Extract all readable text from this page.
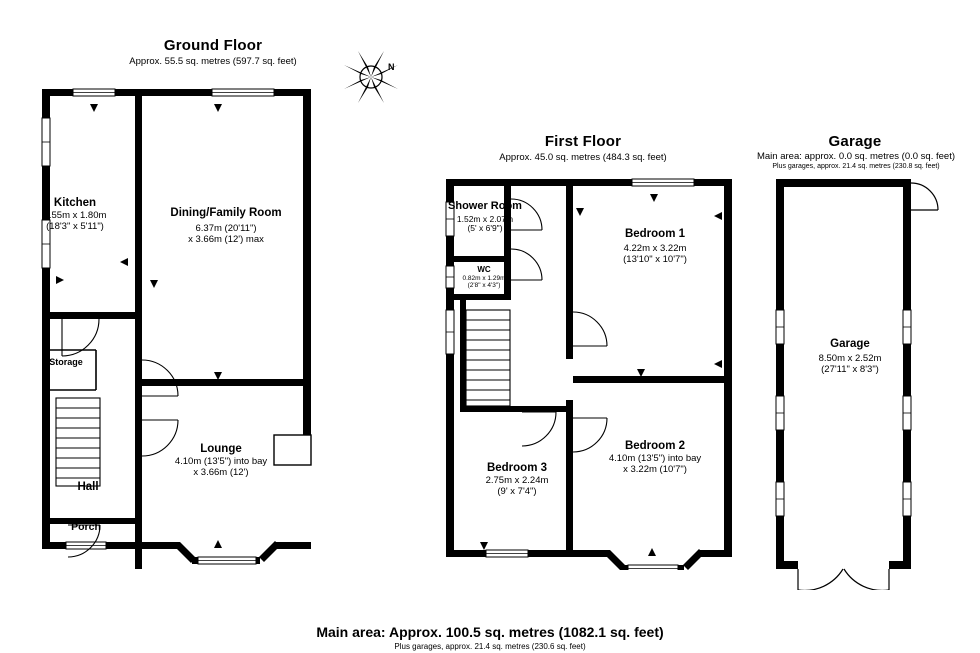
Ground Floor
Approx. 55.5 sq. metres (597.7 sq. feet)	N
Kitchen
5.55m x 1.80m
(18'3" x 5'11")
Dining/Family Room
6.37m (20'11")
x 3.66m (12') max
Lounge
4.10m (13'5") into bay
x 3.66m (12')
Storage
Hall
Porch
First Floor
Approx. 45.0 sq. metres (484.3 sq. feet)
Shower Room
1.52m x 2.07m
(5' x 6'9")
WC
0.82m x 1.29m
(2'8" x 4'3")
Bedroom 1
4.22m x 3.22m
(13'10" x 10'7")
Bedroom 2
4.10m (13'5") into bay
x 3.22m (10'7")
Bedroom 3
2.75m x 2.24m
(9' x 7'4")
Garage
Main area: approx. 0.0 sq. metres (0.0 sq. feet)
Plus garages, approx. 21.4 sq. metres (230.8 sq. feet)
Garage
8.50m x 2.52m
(27'11" x 8'3")
Main area: Approx. 100.5 sq. metres (1082.1 sq. feet)
Plus garages, approx. 21.4 sq. metres (230.6 sq. feet)
